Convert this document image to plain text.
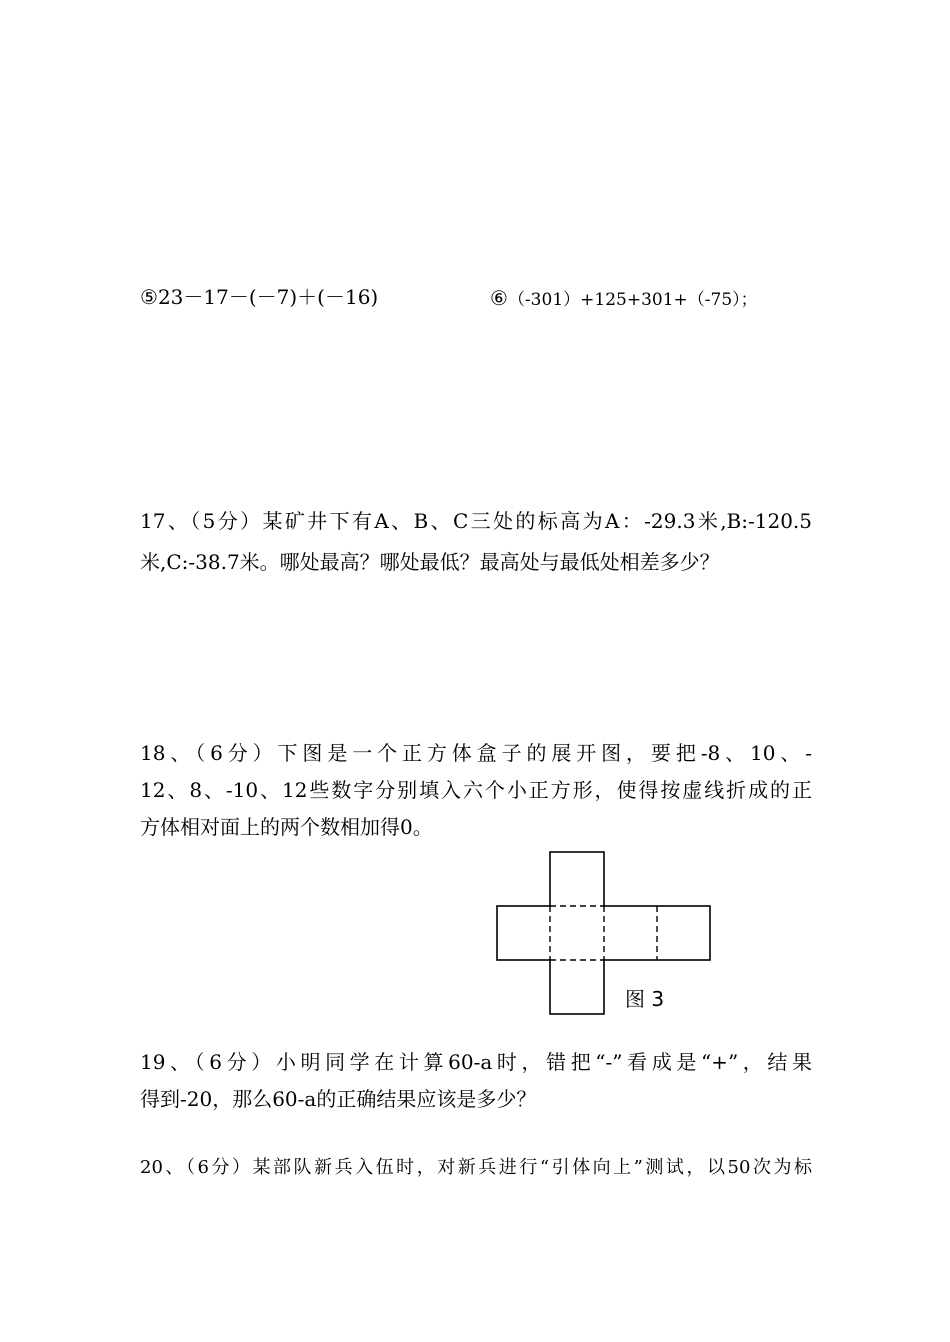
⑤23－17－(－7)＋(－16)	⑥（-301）+125+301+（-75）；
17、（5分）某矿井下有A、B、C三处的标高为A：-29.3米,B:-120.5
米,C:-38.7米。哪处最高？哪处最低？最高处与最低处相差多少？
18、（6分）下图是一个正方体盒子的展开图，要把-8、10、-
12、8、-10、12些数字分别填入六个小正方形，使得按虚线折成的正
方体相对面上的两个数相加得0。
图 3
19、（6分）小明同学在计算60-a时，错把“-”看成是“+”，结果
得到-20，那么60-a的正确结果应该是多少？
20、（6分）某部队新兵入伍时，对新兵进行“引体向上”测试，以50次为标
